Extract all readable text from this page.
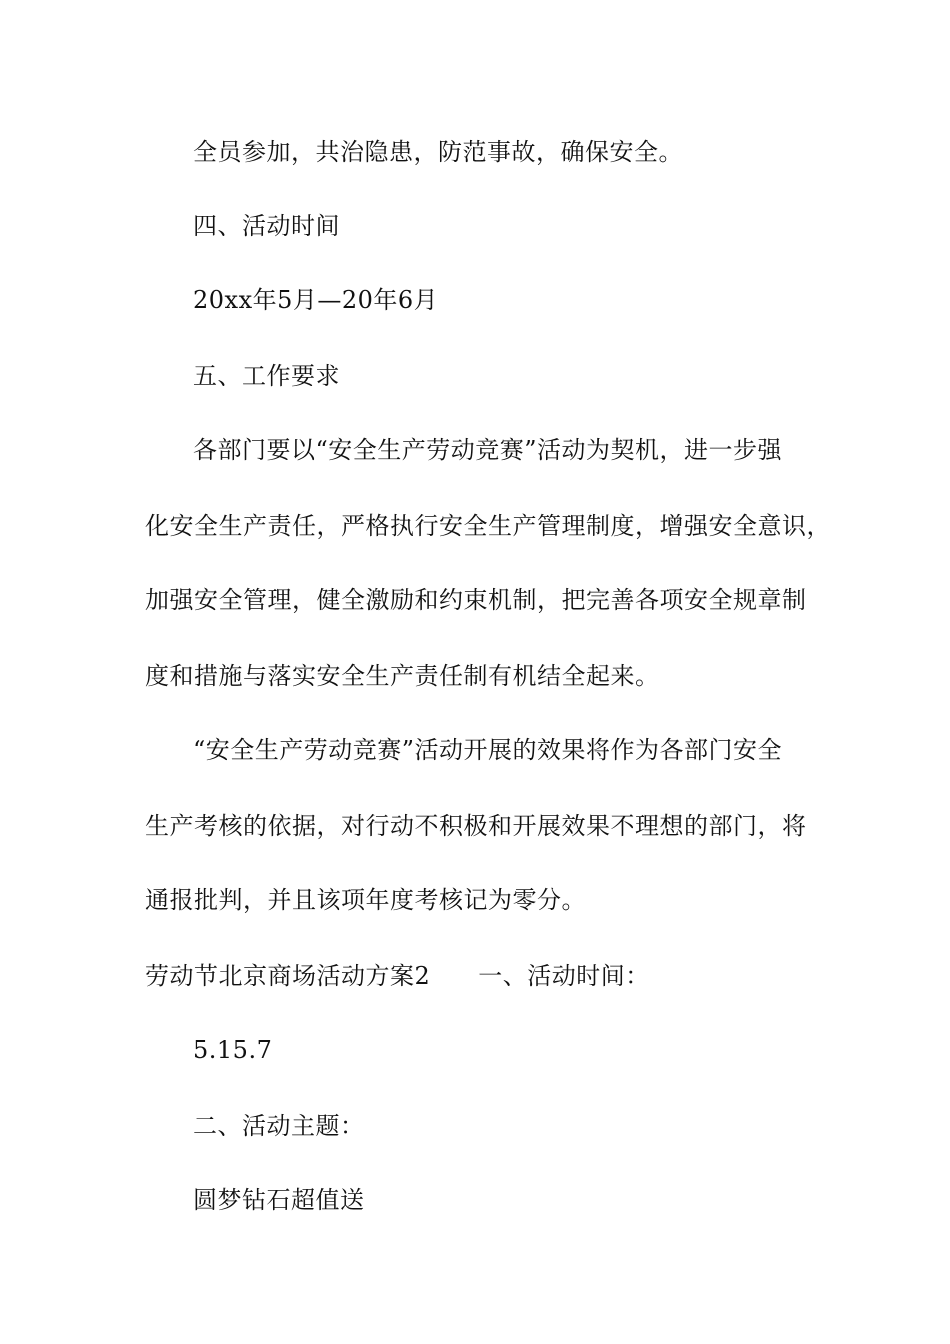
全员参加，共治隐患，防范事故，确保安全。
四、活动时间
20xx年5月—20年6月
五、工作要求
各部门要以“安全生产劳动竞赛”活动为契机，进一步强
化安全生产责任，严格执行安全生产管理制度，增强安全意识，
加强安全管理，健全激励和约束机制，把完善各项安全规章制
度和措施与落实安全生产责任制有机结全起来。
“安全生产劳动竞赛”活动开展的效果将作为各部门安全
生产考核的依据，对行动不积极和开展效果不理想的部门，将
通报批判，并且该项年度考核记为零分。
劳动节北京商场活动方案2 一、活动时间：
5.15.7
二、活动主题：
圆梦钻石超值送
